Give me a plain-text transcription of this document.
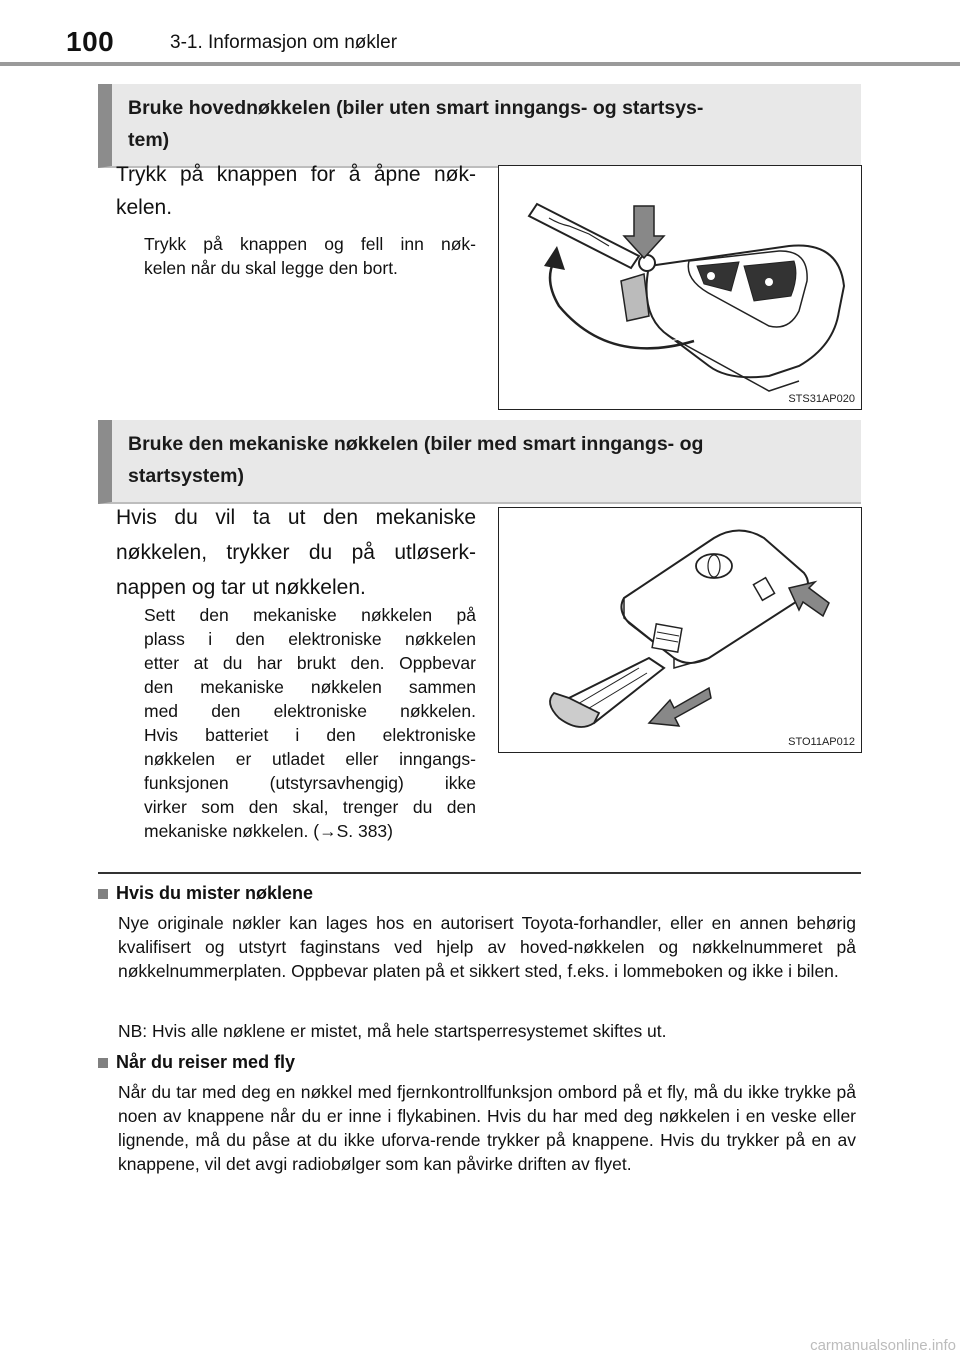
100	3-1. Informasjon om nøkler
Bruke hovednøkkelen (biler uten smart inngangs- og startsys-
tem)
Trykk på knappen for å åpne nøk-
kelen.
Trykk på knappen og fell inn nøk-
kelen når du skal legge den bort.
STS31AP020
Bruke den mekaniske nøkkelen (biler med smart inngangs- og
startsystem)
Hvis du vil ta ut den mekaniske
nøkkelen, trykker du på utløserk-
nappen og tar ut nøkkelen.
Sett den mekaniske nøkkelen på
plass i den elektroniske nøkkelen
etter at du har brukt den. Oppbevar
den mekaniske nøkkelen sammen
med den elektroniske nøkkelen.
Hvis batteriet i den elektroniske
nøkkelen er utladet eller inngangs-
funksjonen (utstyrsavhengig) ikke
virker som den skal, trenger du den
mekaniske nøkkelen. (→S. 383)
STO11AP012
Hvis du mister nøklene
Nye originale nøkler kan lages hos en autorisert Toyota-forhandler, eller en annen behørig kvalifisert og utstyrt faginstans ved hjelp av hoved-nøkkelen og nøkkelnummeret på nøkkelnummerplaten. Oppbevar platen på et sikkert sted, f.eks. i lommeboken og ikke i bilen.
NB: Hvis alle nøklene er mistet, må hele startsperresystemet skiftes ut.
Når du reiser med fly
Når du tar med deg en nøkkel med fjernkontrollfunksjon ombord på et fly, må du ikke trykke på noen av knappene når du er inne i flykabinen. Hvis du har med deg nøkkelen i en veske eller lignende, må du påse at du ikke uforva-rende trykker på knappene. Hvis du trykker på en av knappene, vil det avgi radiobølger som kan påvirke driften av flyet.
carmanualsonline.info
